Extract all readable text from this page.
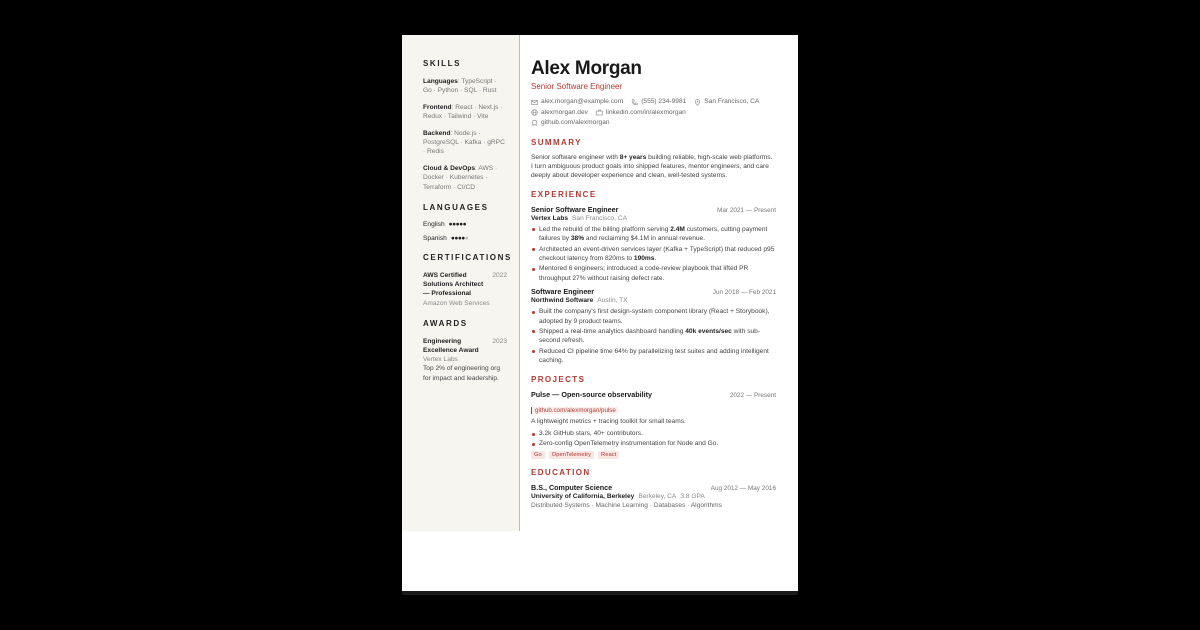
SKILLS
Languages: TypeScript · Go · Python · SQL · Rust
Frontend: React · Next.js · Redux · Tailwind · Vite
Backend: Node.js · PostgreSQL · Kafka · gRPC · Redis
Cloud & DevOps: AWS · Docker · Kubernetes · Terraform · CI/CD
LANGUAGES
English ●●●●●
Spanish ●●●●●
CERTIFICATIONS
AWS Certified Solutions Architect — Professional
2022
Amazon Web Services
AWARDS
Engineering Excellence Award
2023
Vertex Labs
Top 2% of engineering org for impact and leadership.
Alex Morgan
Senior Software Engineer
alex.morgan@example.com	(555) 234-9981	San Francisco, CA
alexmorgan.dev	linkedin.com/in/alexmorgan
github.com/alexmorgan
SUMMARY

Senior software engineer with 8+ years building reliable, high-scale web platforms. I turn ambiguous product goals into shipped features, mentor engineers, and care deeply about developer experience and clean, well-tested systems.

EXPERIENCE
Senior Software Engineer	Mar 2021 — Present
Vertex Labs San Francisco, CA
Led the rebuild of the billing platform serving 2.4M customers, cutting payment failures by 38% and reclaiming $4.1M in annual revenue.
Architected an event-driven services layer (Kafka + TypeScript) that reduced p95 checkout latency from 820ms to 190ms.
Mentored 6 engineers; introduced a code-review playbook that lifted PR throughput 27% without raising defect rate.
Software Engineer	Jun 2018 — Feb 2021
Northwind Software Austin, TX
Built the company's first design-system component library (React + Storybook), adopted by 9 product teams.
Shipped a real-time analytics dashboard handling 40k events/sec with sub-second refresh.
Reduced CI pipeline time 64% by parallelizing test suites and adding intelligent caching.
PROJECTS
Pulse — Open-source observability	2022 — Present
github.com/alexmorgan/pulse

A lightweight metrics + tracing toolkit for small teams.

3.2k GitHub stars, 40+ contributors.
Zero-config OpenTelemetry instrumentation for Node and Go.
Go	OpenTelemetry	React
EDUCATION
B.S., Computer Science	Aug 2012 — May 2016
University of California, Berkeley Berkeley, CA 3.8 GPA
Distributed Systems · Machine Learning · Databases · Algorithms
